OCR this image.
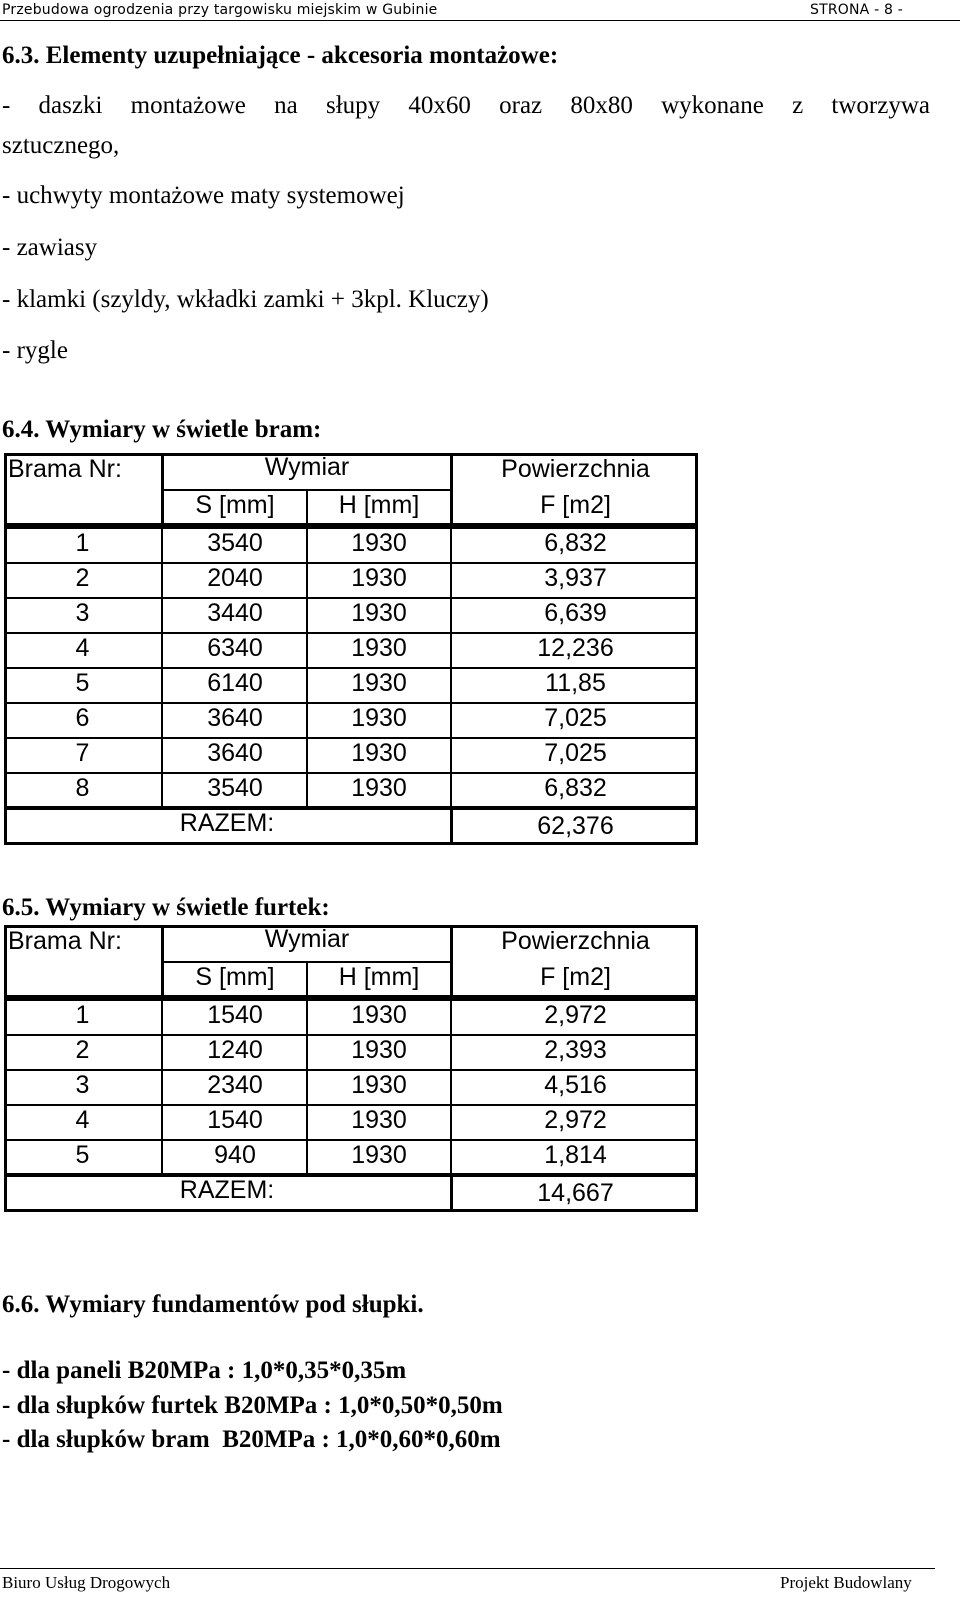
Przebudowa ogrodzenia przy targowisku miejskim w Gubinie	STRONA - 8 -
6.3. Elementy uzupełniające - akcesoria montażowe:
- daszki montażowe na słupy 40x60 oraz 80x80 wykonane z tworzywa
sztucznego,
- uchwyty montażowe maty systemowej
- zawiasy
- klamki (szyldy, wkładki zamki + 3kpl. Kluczy)
- rygle
6.4. Wymiary w świetle bram:
Brama Nr:	Wymiar
S [mm]	H [mm]
Powierzchnia
F [m2]
1	3540	1930	6,832
2	2040	1930	3,937
3	3440	1930	6,639
4	6340	1930	12,236
5	6140	1930	11,85
6	3640	1930	7,025
7	3640	1930	7,025
8	3540	1930	6,832
RAZEM:	62,376
6.5. Wymiary w świetle furtek:
Brama Nr:	Wymiar
S [mm]	H [mm]
Powierzchnia
F [m2]
1	1540	1930	2,972
2	1240	1930	2,393
3	2340	1930	4,516
4	1540	1930	2,972
5	940	1930	1,814
RAZEM:	14,667
6.6. Wymiary fundamentów pod słupki.
- dla paneli B20MPa : 1,0*0,35*0,35m
- dla słupków furtek B20MPa : 1,0*0,50*0,50m
- dla słupków bram  B20MPa : 1,0*0,60*0,60m
Biuro Usług Drogowych	Projekt Budowlany
